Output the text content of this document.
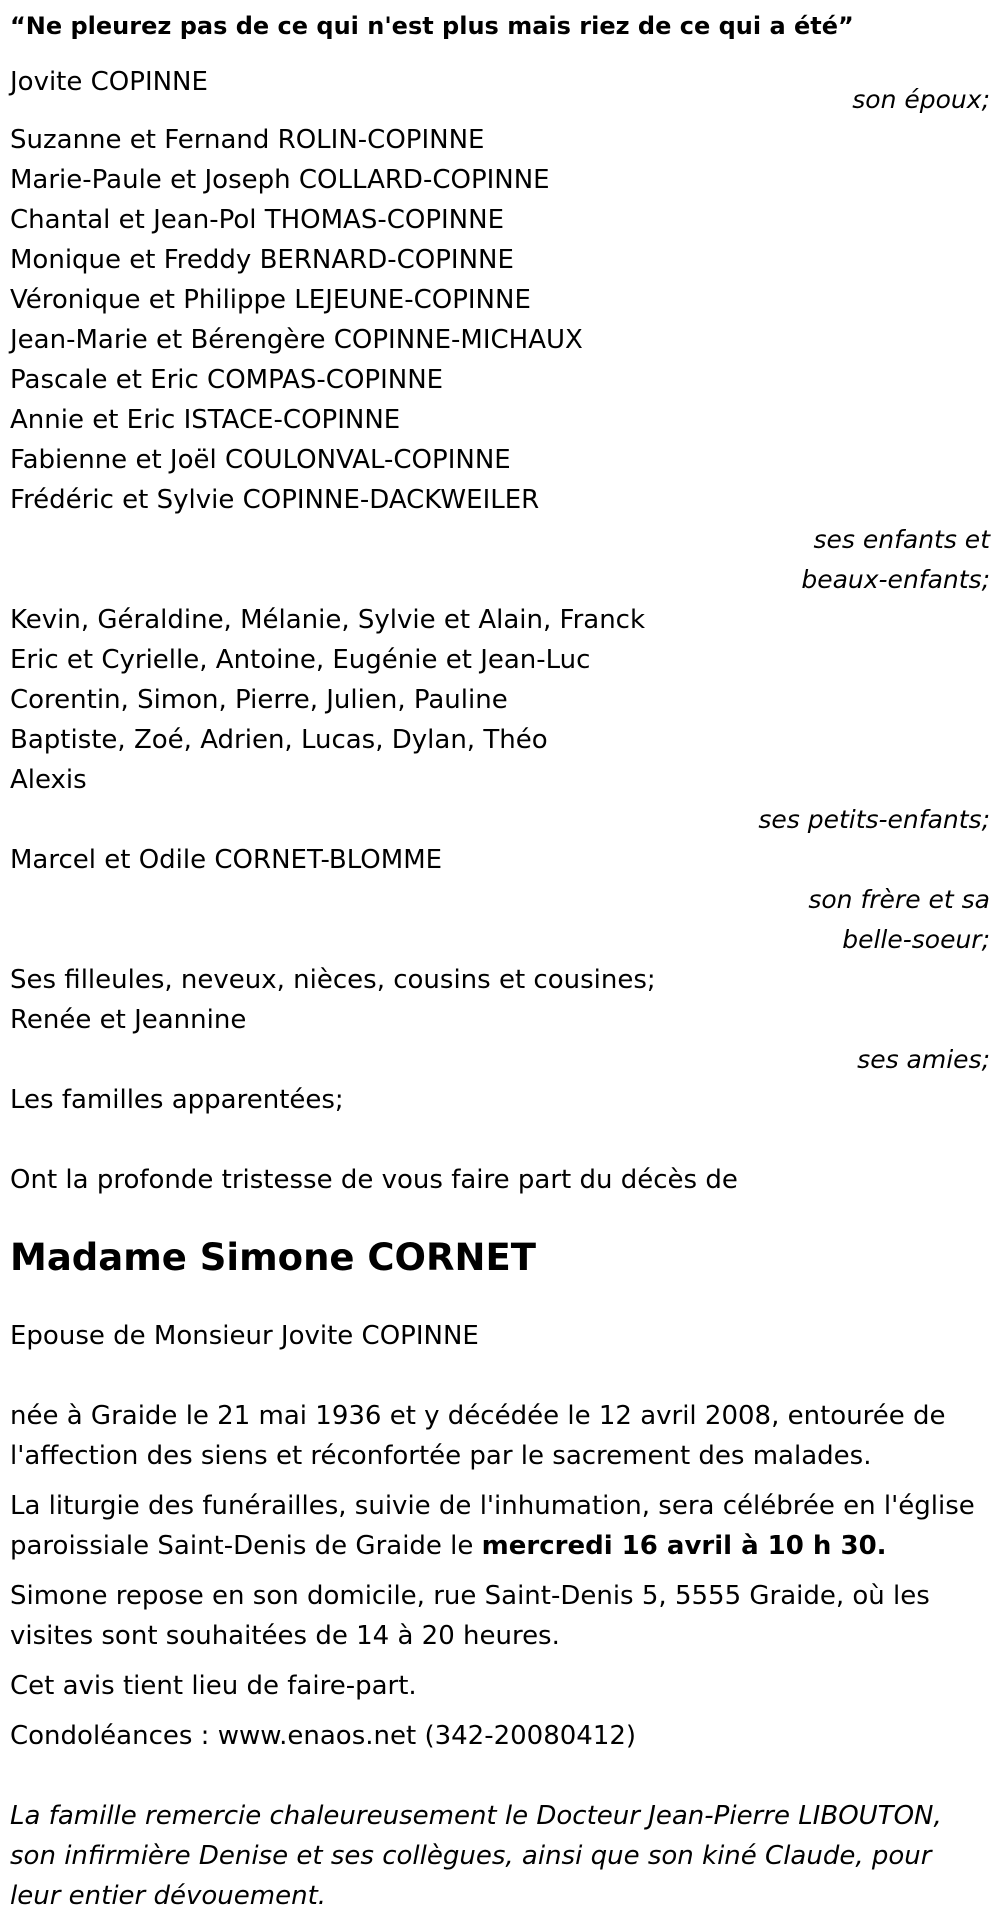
“Ne pleurez pas de ce qui n'est plus mais riez de ce qui a été”
Jovite COPINNE
son époux;
Suzanne et Fernand ROLIN-COPINNE
Marie-Paule et Joseph COLLARD-COPINNE
Chantal et Jean-Pol THOMAS-COPINNE
Monique et Freddy BERNARD-COPINNE
Véronique et Philippe LEJEUNE-COPINNE
Jean-Marie et Bérengère COPINNE-MICHAUX
Pascale et Eric COMPAS-COPINNE
Annie et Eric ISTACE-COPINNE
Fabienne et Joël COULONVAL-COPINNE
Frédéric et Sylvie COPINNE-DACKWEILER
ses enfants et
beaux-enfants;
Kevin, Géraldine, Mélanie, Sylvie et Alain, Franck
Eric et Cyrielle, Antoine, Eugénie et Jean-Luc
Corentin, Simon, Pierre, Julien, Pauline
Baptiste, Zoé, Adrien, Lucas, Dylan, Théo
Alexis
ses petits-enfants;
Marcel et Odile CORNET-BLOMME
son frère et sa
belle-soeur;
Ses filleules, neveux, nièces, cousins et cousines;
Renée et Jeannine
ses amies;
Les familles apparentées;
Ont la profonde tristesse de vous faire part du décès de
Madame Simone CORNET
Epouse de Monsieur Jovite COPINNE
née à Graide le 21 mai 1936 et y décédée le 12 avril 2008, entourée de l'affection des siens et réconfortée par le sacrement des malades.
La liturgie des funérailles, suivie de l'inhumation, sera célébrée en l'église paroissiale Saint-Denis de Graide le mercredi 16 avril à 10 h 30.
Simone repose en son domicile, rue Saint-Denis 5, 5555 Graide, où les visites sont souhaitées de 14 à 20 heures.
Cet avis tient lieu de faire-part.
Condoléances : www.enaos.net (342-20080412)
La famille remercie chaleureusement le Docteur Jean-Pierre LIBOUTON, son infirmière Denise et ses collègues, ainsi que son kiné Claude, pour leur entier dévouement.
